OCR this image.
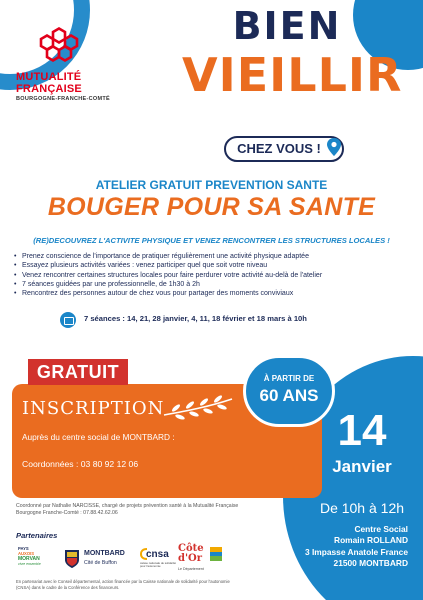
MUTUALITÉ
FRANÇAISE
BOURGOGNE-FRANCHE-COMTÉ
BIEN
VIEILLIR
CHEZ VOUS !
ATELIER GRATUIT PREVENTION SANTE
BOUGER POUR SA SANTE
(RE)DECOUVREZ L'ACTIVITE PHYSIQUE ET VENEZ RENCONTRER LES STRUCTURES LOCALES !
• Prenez conscience de l'importance de pratiquer régulièrement une activité physique adaptée
• Essayez plusieurs activités variées : venez participer quel que soit votre niveau
• Venez rencontrer certaines structures locales pour faire perdurer votre activité au-delà de l'atelier
• 7 séances guidées par une professionnelle, de 1h30 à 2h
• Rencontrez des personnes autour de chez vous pour partager des moments conviviaux
7 séances : 14, 21, 28 janvier, 4, 11, 18 février et 18 mars à 10h
GRATUIT
INSCRIPTION
Auprès du centre social de MONTBARD :
Coordonnées : 03 80 92 12 06
À PARTIR DE
60 ANS
14
Janvier
De 10h à 12h
Centre Social
Romain ROLLAND
3 Impasse Anatole France
21500 MONTBARD
Coordonné par Nathalie NARCISSE, chargé de projets prévention santé à la Mutualité Française Bourgogne Franche-Comté : 07.88.42.62.06
Partenaires
PAYS
AUXOIS
MORVAN
vivre ensemble
MONTBARD
Cité de Buffon
cnsa
caisse nationale de solidarité pour l'autonomie
Côte
d'Or
Le Département
En partenariat avec le Conseil départemental, action financée par la Caisse nationale de solidarité pour l'autonomie (CNSA) dans le cadre de la Conférence des financeurs.
